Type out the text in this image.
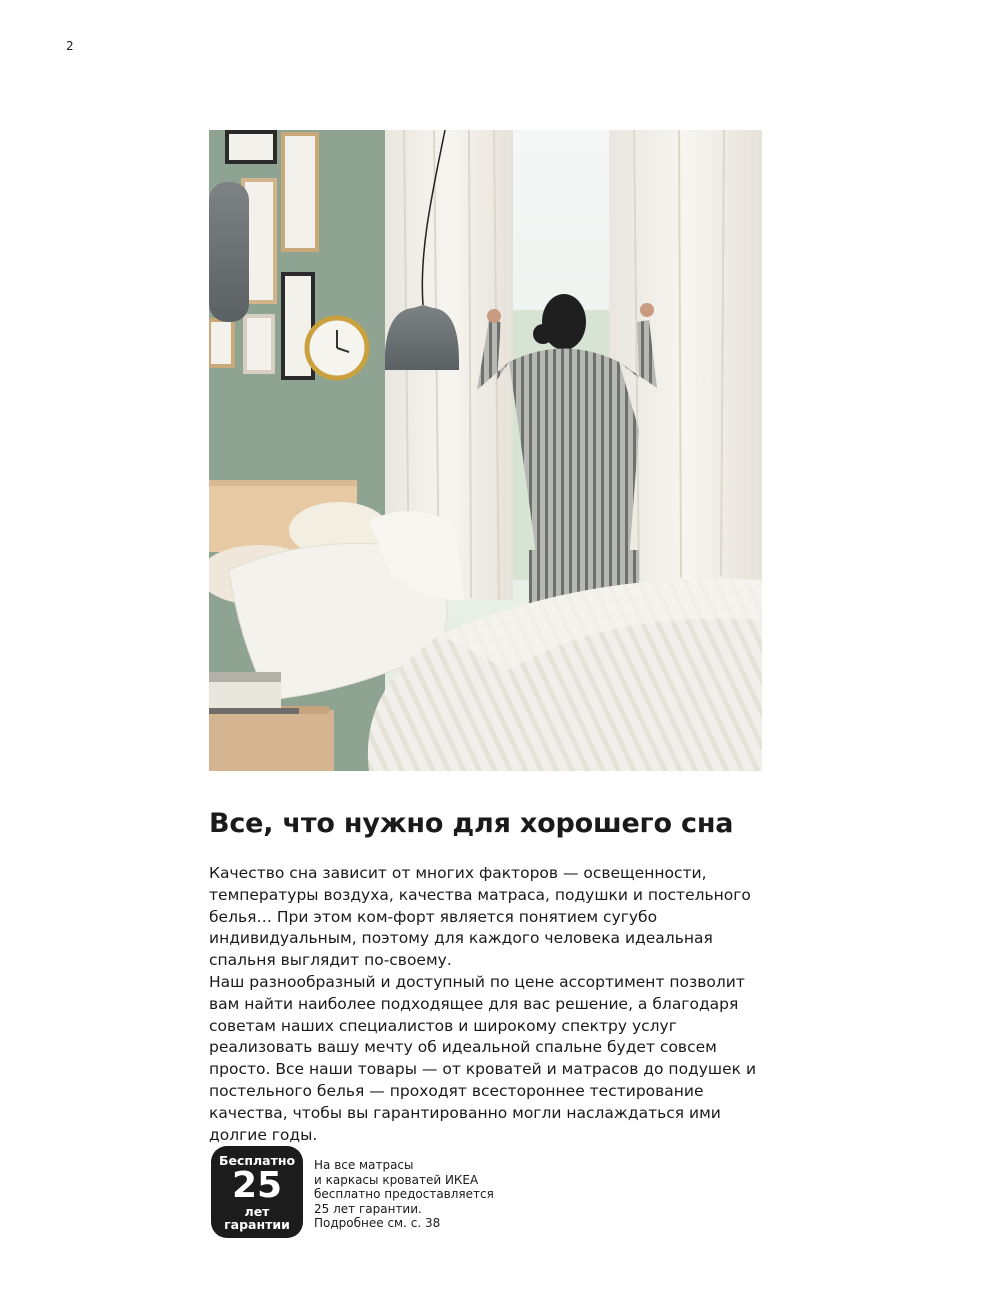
2
Все, что нужно для хорошего сна

Качество сна зависит от многих факторов — освещенности, температуры воздуха, качества матраса, подушки и постельного белья… При этом ком-форт является понятием сугубо индивидуальным, поэтому для каждого человека идеальная спальня выглядит по-своему.

Наш разнообразный и доступный по цене ассортимент позволит вам найти наиболее подходящее для вас решение, а благодаря советам наших специалистов и широкому спектру услуг реализовать вашу мечту об идеальной спальне будет совсем просто. Все наши товары — от кроватей и матрасов до подушек и постельного белья — проходят всестороннее тестирование качества, чтобы вы гарантированно могли наслаждаться ими долгие годы.

Бесплатно
25
лет
гарантии
На все матрасы
и каркасы кроватей ИКЕА
бесплатно предоставляется
25 лет гарантии.
Подробнее см. с. 38
